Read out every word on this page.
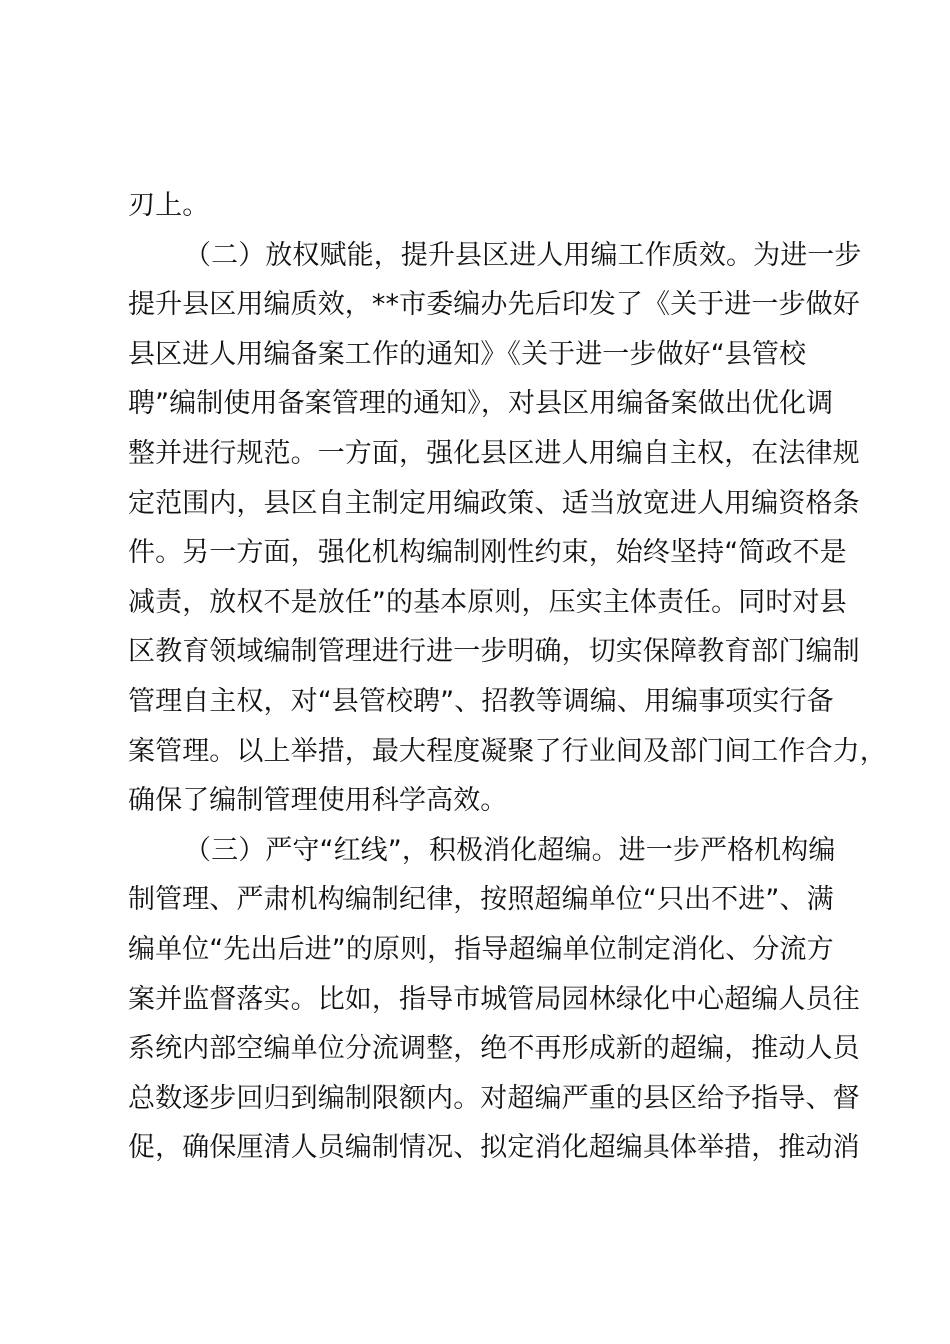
刃上。
（二）放权赋能，提升县区进人用编工作质效。为进一步
提升县区用编质效，**市委编办先后印发了《关于进一步做好
县区进人用编备案工作的通知》《关于进一步做好“县管校
聘”编制使用备案管理的通知》，对县区用编备案做出优化调
整并进行规范。一方面，强化县区进人用编自主权，在法律规
定范围内，县区自主制定用编政策、适当放宽进人用编资格条
件。另一方面，强化机构编制刚性约束，始终坚持“简政不是
减责，放权不是放任”的基本原则，压实主体责任。同时对县
区教育领域编制管理进行进一步明确，切实保障教育部门编制
管理自主权，对“县管校聘”、招教等调编、用编事项实行备
案管理。以上举措，最大程度凝聚了行业间及部门间工作合力，
确保了编制管理使用科学高效。
（三）严守“红线”，积极消化超编。进一步严格机构编
制管理、严肃机构编制纪律，按照超编单位“只出不进”、满
编单位“先出后进”的原则，指导超编单位制定消化、分流方
案并监督落实。比如，指导市城管局园林绿化中心超编人员往
系统内部空编单位分流调整，绝不再形成新的超编，推动人员
总数逐步回归到编制限额内。对超编严重的县区给予指导、督
促，确保厘清人员编制情况、拟定消化超编具体举措，推动消
